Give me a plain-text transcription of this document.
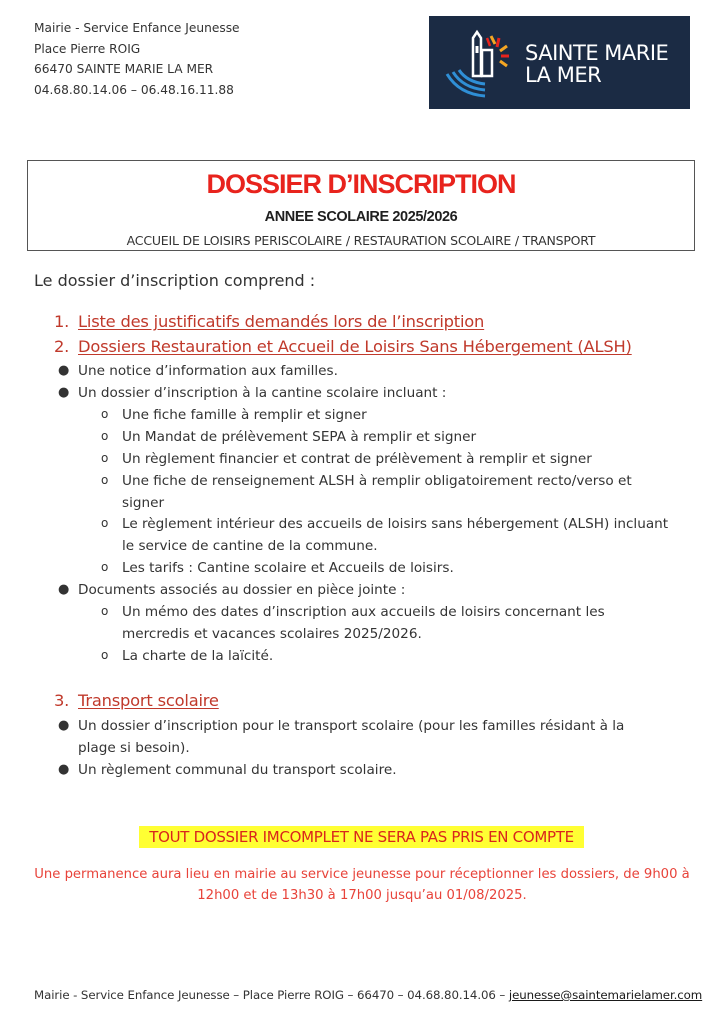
Mairie - Service Enfance Jeunesse
Place Pierre ROIG
66470 SAINTE MARIE LA MER
04.68.80.14.06 – 06.48.16.11.88
SAINTE MARIE
LA MER
DOSSIER D’INSCRIPTION
ANNEE SCOLAIRE 2025/2026
ACCUEIL DE LOISIRS PERISCOLAIRE / RESTAURATION SCOLAIRE / TRANSPORT
Le dossier d’inscription comprend :
1. Liste des justificatifs demandés lors de l’inscription
2. Dossiers Restauration et Accueil de Loisirs Sans Hébergement (ALSH)
● Une notice d’information aux familles.
● Un dossier d’inscription à la cantine scolaire incluant :
o Une fiche famille à remplir et signer
o Un Mandat de prélèvement SEPA à remplir et signer
o Un règlement financier et contrat de prélèvement à remplir et signer
o Une fiche de renseignement ALSH à remplir obligatoirement recto/verso et
signer
o Le règlement intérieur des accueils de loisirs sans hébergement (ALSH) incluant
le service de cantine de la commune.
o Les tarifs : Cantine scolaire et Accueils de loisirs.
● Documents associés au dossier en pièce jointe :
o Un mémo des dates d’inscription aux accueils de loisirs concernant les
mercredis et vacances scolaires 2025/2026.
o La charte de la laïcité.
3. Transport scolaire
● Un dossier d’inscription pour le transport scolaire (pour les familles résidant à la
plage si besoin).
● Un règlement communal du transport scolaire.
TOUT DOSSIER IMCOMPLET NE SERA PAS PRIS EN COMPTE
Une permanence aura lieu en mairie au service jeunesse pour réceptionner les dossiers, de 9h00 à
12h00 et de 13h30 à 17h00 jusqu’au 01/08/2025.
Mairie - Service Enfance Jeunesse – Place Pierre ROIG – 66470 – 04.68.80.14.06 – jeunesse@saintemarielamer.com
